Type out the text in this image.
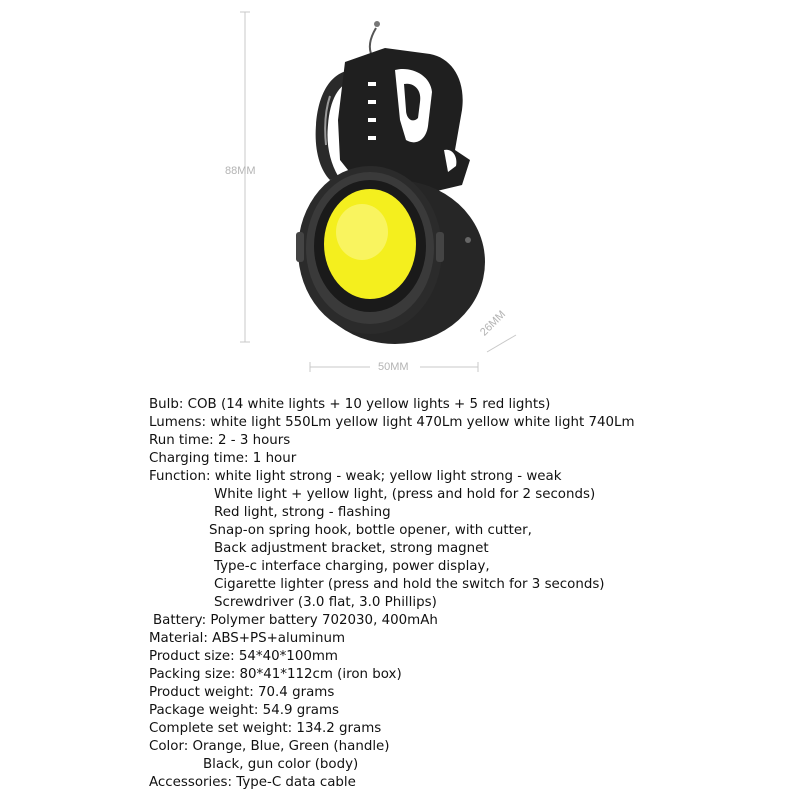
88MM
50MM
26MM
Bulb: COB (14 white lights + 10 yellow lights + 5 red lights)
Lumens: white light 550Lm yellow light 470Lm yellow white light 740Lm
Run time: 2 - 3 hours
Charging time: 1 hour
Function: white light strong - weak; yellow light strong - weak
White light + yellow light, (press and hold for 2 seconds)
Red light, strong - flashing
Snap-on spring hook, bottle opener, with cutter,
Back adjustment bracket, strong magnet
Type-c interface charging, power display,
Cigarette lighter (press and hold the switch for 3 seconds)
Screwdriver (3.0 flat, 3.0 Phillips)
Battery: Polymer battery 702030, 400mAh
Material: ABS+PS+aluminum
Product size: 54*40*100mm
Packing size: 80*41*112cm (iron box)
Product weight: 70.4 grams
Package weight: 54.9 grams
Complete set weight: 134.2 grams
Color: Orange, Blue, Green (handle)
Black, gun color (body)
Accessories: Type-C data cable
